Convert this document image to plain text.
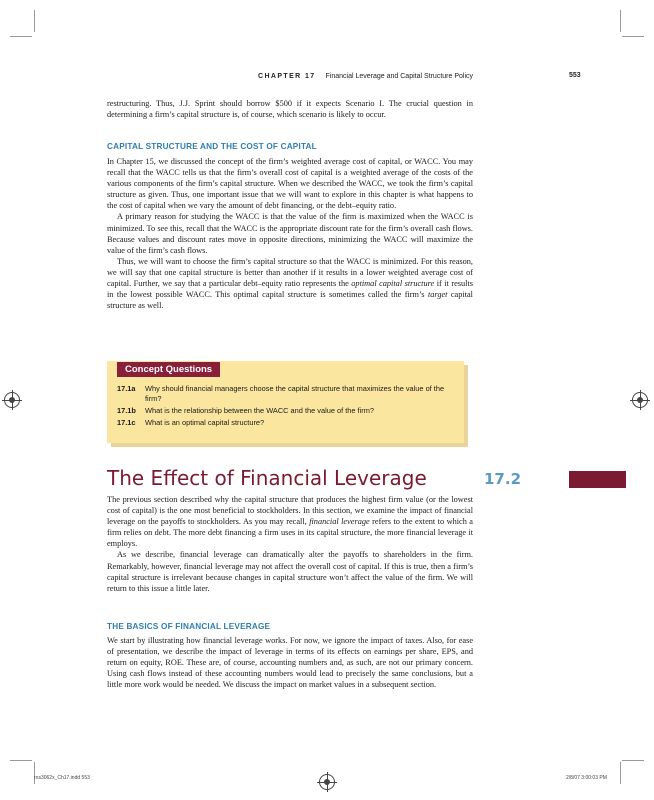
CHAPTER 17 Financial Leverage and Capital Structure Policy	553

restructuring. Thus, J.J. Sprint should borrow $500 if it expects Scenario I. The crucial question in determining a firm’s capital structure is, of course, which scenario is likely to occur.

CAPITAL STRUCTURE AND THE COST OF CAPITAL

In Chapter 15, we discussed the concept of the firm’s weighted average cost of capital, or WACC. You may recall that the WACC tells us that the firm’s overall cost of capital is a weighted average of the costs of the various components of the firm’s capital structure. When we described the WACC, we took the firm’s capital structure as given. Thus, one important issue that we will want to explore in this chapter is what happens to the cost of capital when we vary the amount of debt financing, or the debt–equity ratio.

A primary reason for studying the WACC is that the value of the firm is maximized when the WACC is minimized. To see this, recall that the WACC is the appropriate discount rate for the firm’s overall cash flows. Because values and discount rates move in opposite directions, minimizing the WACC will maximize the value of the firm’s cash flows.

Thus, we will want to choose the firm’s capital structure so that the WACC is minimized. For this reason, we will say that one capital structure is better than another if it results in a lower weighted average cost of capital. Further, we say that a particular debt–equity ratio represents the optimal capital structure if it results in the lowest possible WACC. This optimal capital structure is sometimes called the firm’s target capital structure as well.

Concept Questions
17.1a	Why should financial managers choose the capital structure that maximizes the value of the firm?
17.1b	What is the relationship between the WACC and the value of the firm?
17.1c	What is an optimal capital structure?
The Effect of Financial Leverage	17.2

The previous section described why the capital structure that produces the highest firm value (or the lowest cost of capital) is the one most beneficial to stockholders. In this section, we examine the impact of financial leverage on the payoffs to stockholders. As you may recall, financial leverage refers to the extent to which a firm relies on debt. The more debt financing a firm uses in its capital structure, the more financial leverage it employs.

As we describe, financial leverage can dramatically alter the payoffs to shareholders in the firm. Remarkably, however, financial leverage may not affect the overall cost of capital. If this is true, then a firm’s capital structure is irrelevant because changes in capital structure won’t affect the value of the firm. We will return to this issue a little later.

THE BASICS OF FINANCIAL LEVERAGE

We start by illustrating how financial leverage works. For now, we ignore the impact of taxes. Also, for ease of presentation, we describe the impact of leverage in terms of its effects on earnings per share, EPS, and return on equity, ROE. These are, of course, accounting numbers and, as such, are not our primary concern. Using cash flows instead of these accounting numbers would lead to precisely the same conclusions, but a little more work would be needed. We discuss the impact on market values in a subsequent section.

ros3062x_Ch17.indd 553	2/8/07 3:00:03 PM
